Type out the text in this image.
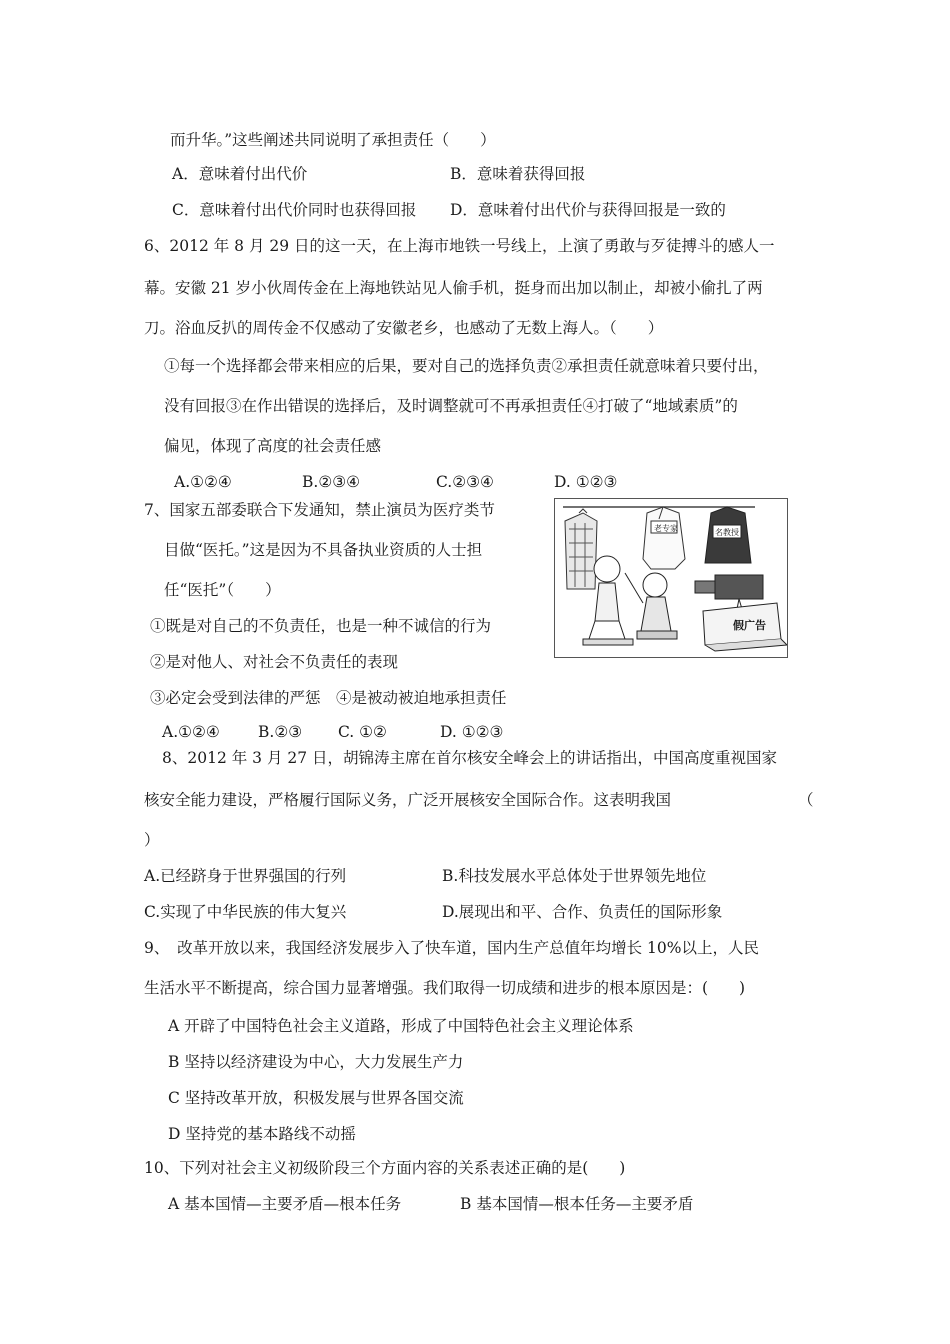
而升华。”这些阐述共同说明了承担责任（　　）
A．意味着付出代价	B．意味着获得回报
C．意味着付出代价同时也获得回报 D．意味着付出代价与获得回报是一致的
6、2012 年 8 月 29 日的这一天，在上海市地铁一号线上，上演了勇敢与歹徒搏斗的感人一
幕。安徽 21 岁小伙周传金在上海地铁站见人偷手机，挺身而出加以制止，却被小偷扎了两
刀。浴血反扒的周传金不仅感动了安徽老乡，也感动了无数上海人。（　　）
①每一个选择都会带来相应的后果，要对自己的选择负责②承担责任就意味着只要付出，
没有回报③在作出错误的选择后，及时调整就可不再承担责任④打破了“地域素质”的
偏见，体现了高度的社会责任感
A.①②④	B.②③④	C.②③④	D. ①②③
7、国家五部委联合下发通知，禁止演员为医疗类节
目做“医托。”这是因为不具备执业资质的人士担
任“医托”（　　）
①既是对自己的不负责任，也是一种不诚信的行为
②是对他人、对社会不负责任的表现
③必定会受到法律的严惩　④是被动被迫地承担责任
A.①②④ B.②③ C. ①②	D. ①②③
老专家	名教授
假广告
8、2012 年 3 月 27 日，胡锦涛主席在首尔核安全峰会上的讲话指出，中国高度重视国家
核安全能力建设，严格履行国际义务，广泛开展核安全国际合作。这表明我国	（
）
A.已经跻身于世界强国的行列	B.科技发展水平总体处于世界领先地位
C.实现了中华民族的伟大复兴	D.展现出和平、合作、负责任的国际形象
9、　改革开放以来，我国经济发展步入了快车道，国内生产总值年均增长 10%以上，人民
生活水平不断提高，综合国力显著增强。我们取得一切成绩和进步的根本原因是：(　　)
A 开辟了中国特色社会主义道路，形成了中国特色社会主义理论体系
B 坚持以经济建设为中心，大力发展生产力
C 坚持改革开放，积极发展与世界各国交流
D 坚持党的基本路线不动摇
10、下列对社会主义初级阶段三个方面内容的关系表述正确的是(　　)
A 基本国情—主要矛盾—根本任务	B 基本国情—根本任务—主要矛盾
